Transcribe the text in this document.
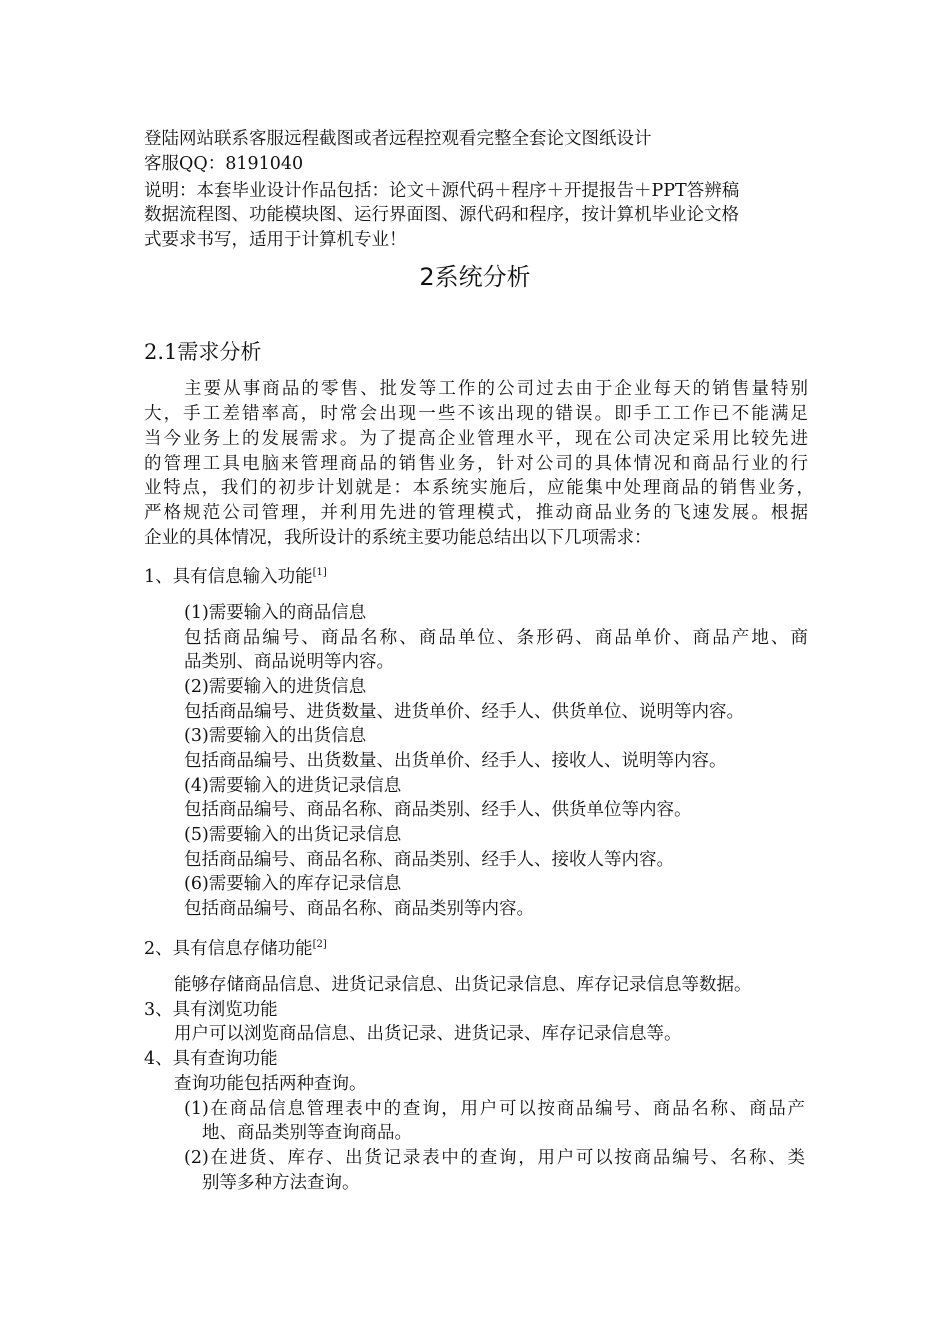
登陆网站联系客服远程截图或者远程控观看完整全套论文图纸设计
客服QQ：8191040
说明：本套毕业设计作品包括：论文＋源代码＋程序＋开提报告＋PPT答辨稿
数据流程图、功能模块图、运行界面图、源代码和程序，按计算机毕业论文格
式要求书写，适用于计算机专业！
2系统分析
2.1需求分析
主要从事商品的零售、批发等工作的公司过去由于企业每天的销售量特别
大，手工差错率高，时常会出现一些不该出现的错误。即手工工作已不能满足
当今业务上的发展需求。为了提高企业管理水平，现在公司决定采用比较先进
的管理工具电脑来管理商品的销售业务，针对公司的具体情况和商品行业的行
业特点，我们的初步计划就是：本系统实施后，应能集中处理商品的销售业务，
严格规范公司管理，并利用先进的管理模式，推动商品业务的飞速发展。根据
企业的具体情况，我所设计的系统主要功能总结出以下几项需求：
1、具有信息输入功能[1]
(1)需要输入的商品信息
包括商品编号、商品名称、商品单位、条形码、商品单价、商品产地、商
品类别、商品说明等内容。
(2)需要输入的进货信息
包括商品编号、进货数量、进货单价、经手人、供货单位、说明等内容。
(3)需要输入的出货信息
包括商品编号、出货数量、出货单价、经手人、接收人、说明等内容。
(4)需要输入的进货记录信息
包括商品编号、商品名称、商品类别、经手人、供货单位等内容。
(5)需要输入的出货记录信息
包括商品编号、商品名称、商品类别、经手人、接收人等内容。
(6)需要输入的库存记录信息
包括商品编号、商品名称、商品类别等内容。
2、具有信息存储功能[2]
能够存储商品信息、进货记录信息、出货记录信息、库存记录信息等数据。
3、具有浏览功能
用户可以浏览商品信息、出货记录、进货记录、库存记录信息等。
4、具有查询功能
查询功能包括两种查询。
(1)在商品信息管理表中的查询，用户可以按商品编号、商品名称、商品产
地、商品类别等查询商品。
(2)在进货、库存、出货记录表中的查询，用户可以按商品编号、名称、类
别等多种方法查询。
